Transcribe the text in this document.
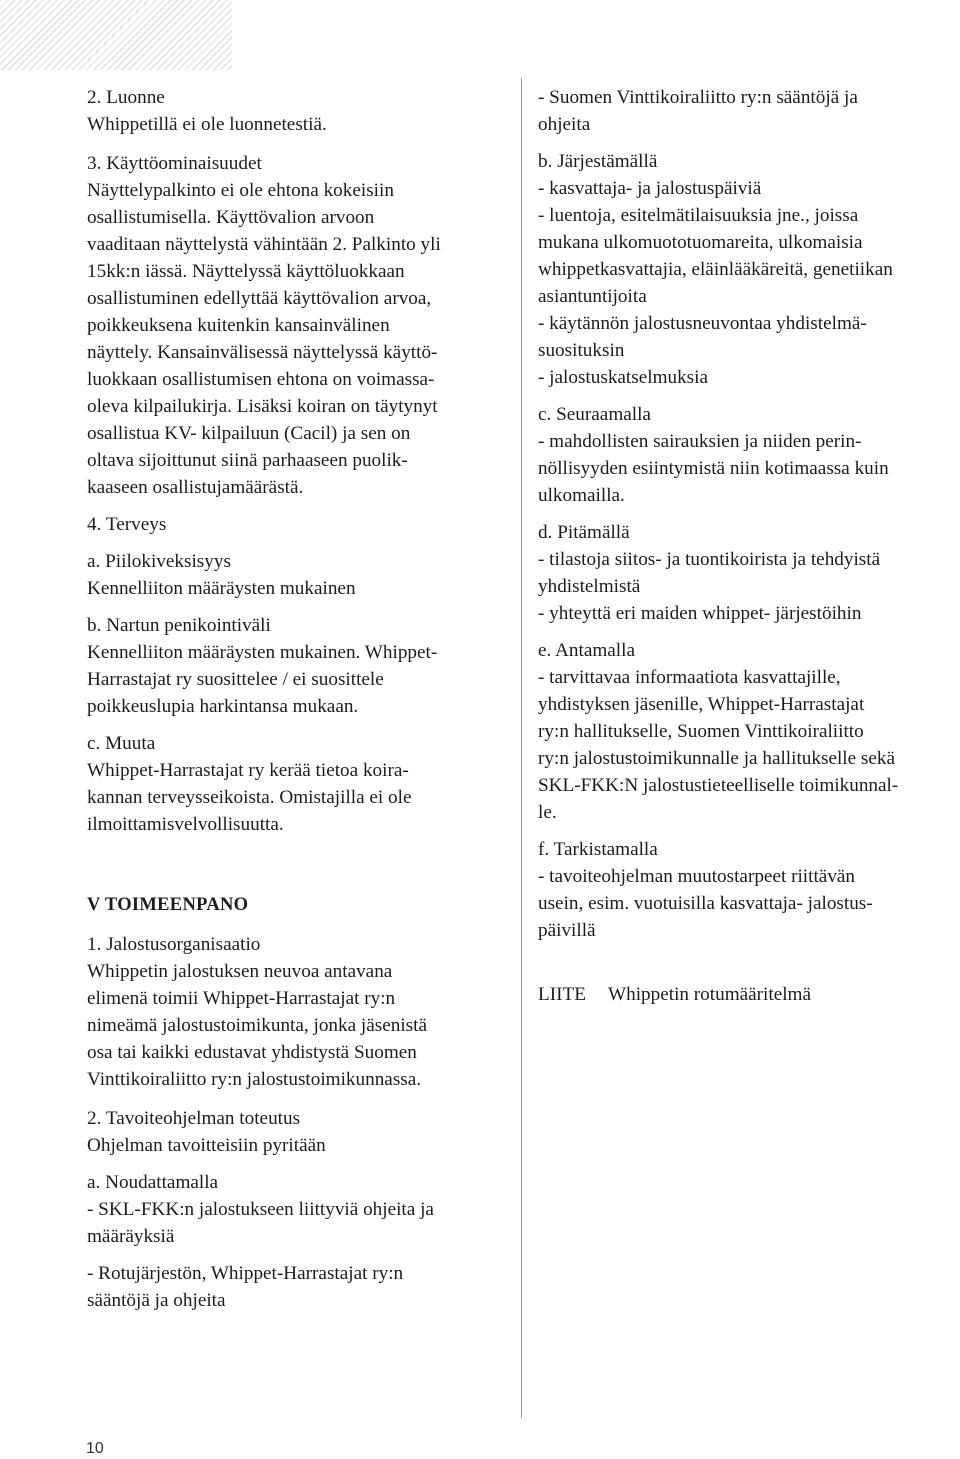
2. Luonne
Whippetillä ei ole luonnetestiä.
3. Käyttöominaisuudet
Näyttelypalkinto ei ole ehtona kokeisiin
osallistumisella. Käyttövalion arvoon
vaaditaan näyttelystä vähintään 2. Palkinto yli
15kk:n iässä. Näyttelyssä käyttöluokkaan
osallistuminen edellyttää käyttövalion arvoa,
poikkeuksena kuitenkin kansainvälinen
näyttely. Kansainvälisessä näyttelyssä käyttö-
luokkaan osallistumisen ehtona on voimassa-
oleva kilpailukirja. Lisäksi koiran on täytynyt
osallistua KV- kilpailuun (Cacil) ja sen on
oltava sijoittunut siinä parhaaseen puolik-
kaaseen osallistujamäärästä.
4. Terveys
a. Piilokiveksisyys
Kennelliiton määräysten mukainen
b. Nartun penikointiväli
Kennelliiton määräysten mukainen. Whippet-
Harrastajat ry suosittelee / ei suosittele
poikkeuslupia harkintansa mukaan.
c. Muuta
Whippet-Harrastajat ry kerää tietoa koira-
kannan terveysseikoista. Omistajilla ei ole
ilmoittamisvelvollisuutta.
V TOIMEENPANO
1. Jalostusorganisaatio
Whippetin jalostuksen neuvoa antavana
elimenä toimii Whippet-Harrastajat ry:n
nimeämä jalostustoimikunta, jonka jäsenistä
osa tai kaikki edustavat yhdistystä Suomen
Vinttikoiraliitto ry:n jalostustoimikunnassa.
2. Tavoiteohjelman toteutus
Ohjelman tavoitteisiin pyritään
a. Noudattamalla
- SKL-FKK:n jalostukseen liittyviä ohjeita ja
määräyksiä
- Rotujärjestön, Whippet-Harrastajat ry:n
sääntöjä ja ohjeita
- Suomen Vinttikoiraliitto ry:n sääntöjä ja
ohjeita
b. Järjestämällä
- kasvattaja- ja jalostuspäiviä
- luentoja, esitelmätilaisuuksia jne., joissa
mukana ulkomuototuomareita, ulkomaisia
whippetkasvattajia, eläinlääkäreitä, genetiikan
asiantuntijoita
- käytännön jalostusneuvontaa yhdistelmä-
suosituksin
- jalostuskatselmuksia
c. Seuraamalla
- mahdollisten sairauksien ja niiden perin-
nöllisyyden esiintymistä niin kotimaassa kuin
ulkomailla.
d. Pitämällä
- tilastoja siitos- ja tuontikoirista ja tehdyistä
yhdistelmistä
- yhteyttä eri maiden whippet- järjestöihin
e. Antamalla
- tarvittavaa informaatiota kasvattajille,
yhdistyksen jäsenille, Whippet-Harrastajat
ry:n hallitukselle, Suomen Vinttikoiraliitto
ry:n jalostustoimikunnalle ja hallitukselle sekä
SKL-FKK:N jalostustieteelliselle toimikunnal-
le.
f. Tarkistamalla
- tavoiteohjelman muutostarpeet riittävän
usein, esim. vuotuisilla kasvattaja- jalostus-
päivillä
LIITE Whippetin rotumääritelmä
10
